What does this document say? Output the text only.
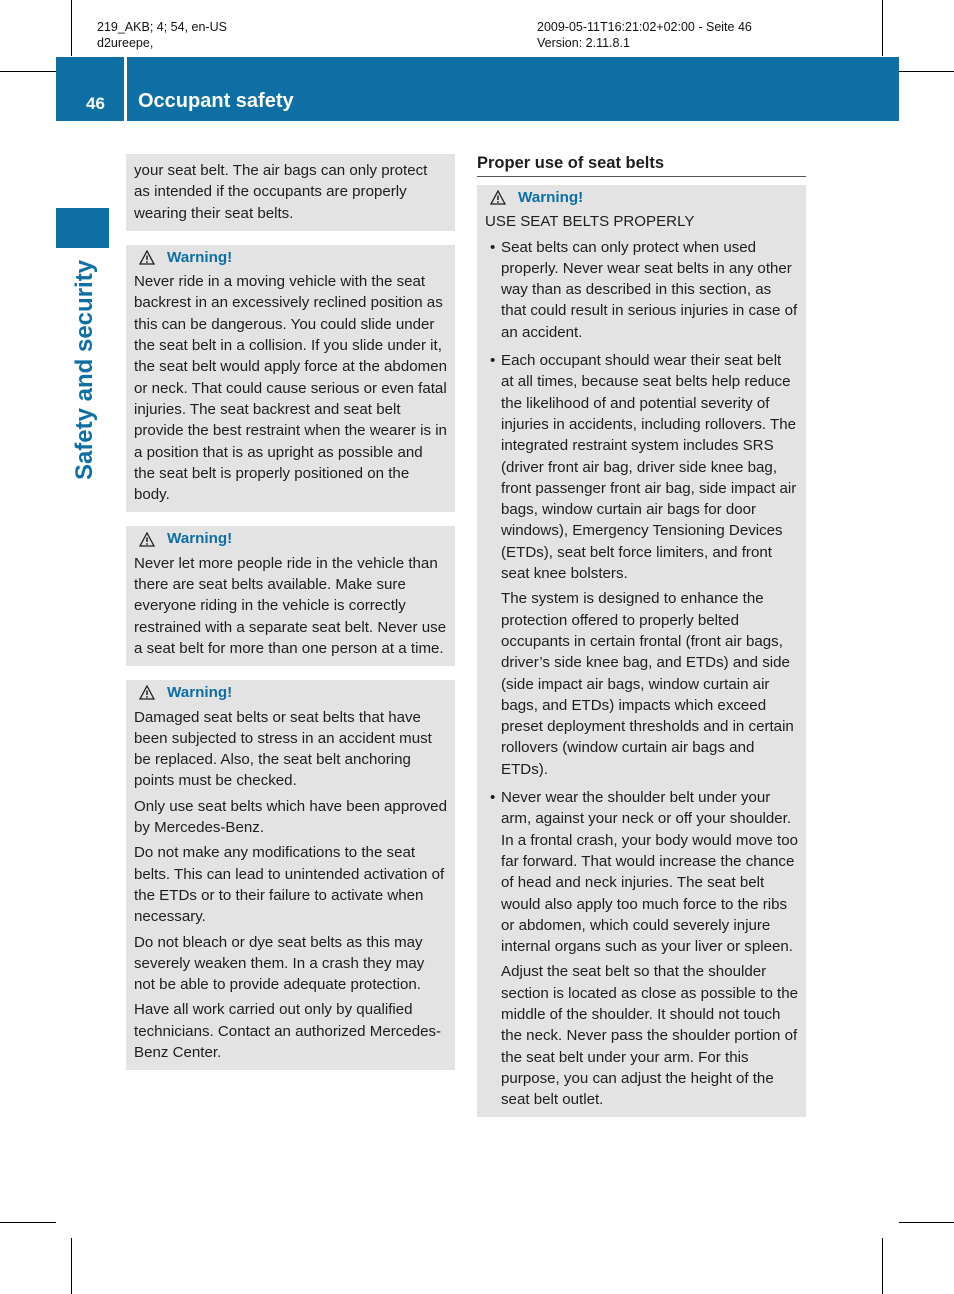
219_AKB; 4; 54, en-US
d2ureepe,
2009-05-11T16:21:02+02:00 - Seite 46
Version: 2.11.8.1
46 Occupant safety
Safety and security

your seat belt. The air bags can only protect as intended if the occupants are properly wearing their seat belts.

Warning!

Never ride in a moving vehicle with the seat backrest in an excessively reclined position as this can be dangerous. You could slide under the seat belt in a collision. If you slide under it, the seat belt would apply force at the abdomen or neck. That could cause serious or even fatal injuries. The seat backrest and seat belt provide the best restraint when the wearer is in a position that is as upright as possible and the seat belt is properly positioned on the body.

Warning!

Never let more people ride in the vehicle than there are seat belts available. Make sure everyone riding in the vehicle is correctly restrained with a separate seat belt. Never use a seat belt for more than one person at a time.

Warning!

Damaged seat belts or seat belts that have been subjected to stress in an accident must be replaced. Also, the seat belt anchoring points must be checked.

Only use seat belts which have been approved by Mercedes-Benz.

Do not make any modifications to the seat belts. This can lead to unintended activation of the ETDs or to their failure to activate when necessary.

Do not bleach or dye seat belts as this may severely weaken them. In a crash they may not be able to provide adequate protection.

Have all work carried out only by qualified technicians. Contact an authorized Mercedes-Benz Center.

Proper use of seat belts
Warning!

USE SEAT BELTS PROPERLY

• Seat belts can only protect when used properly. Never wear seat belts in any other way than as described in this section, as that could result in serious injuries in case of an accident.

• Each occupant should wear their seat belt at all times, because seat belts help reduce the likelihood of and potential severity of injuries in accidents, including rollovers. The integrated restraint system includes SRS (driver front air bag, driver side knee bag, front passenger front air bag, side impact air bags, window curtain air bags for door windows), Emergency Tensioning Devices (ETDs), seat belt force limiters, and front seat knee bolsters.

The system is designed to enhance the protection offered to properly belted occupants in certain frontal (front air bags, driver’s side knee bag, and ETDs) and side (side impact air bags, window curtain air bags, and ETDs) impacts which exceed preset deployment thresholds and in certain rollovers (window curtain air bags and ETDs).

• Never wear the shoulder belt under your arm, against your neck or off your shoulder. In a frontal crash, your body would move too far forward. That would increase the chance of head and neck injuries. The seat belt would also apply too much force to the ribs or abdomen, which could severely injure internal organs such as your liver or spleen.

Adjust the seat belt so that the shoulder section is located as close as possible to the middle of the shoulder. It should not touch the neck. Never pass the shoulder portion of the seat belt under your arm. For this purpose, you can adjust the height of the seat belt outlet.
